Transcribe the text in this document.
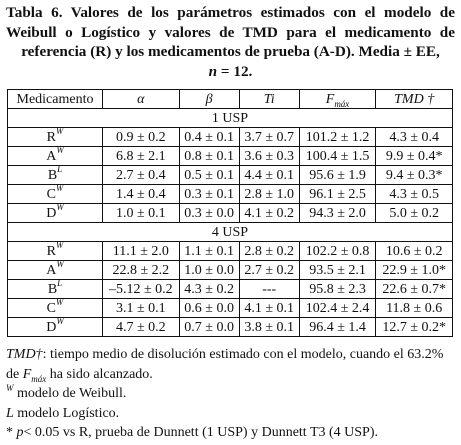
Tabla 6. Valores de los parámetros estimados con el modelo de Weibull o Logístico y valores de TMD para el medicamento de referencia (R) y los medicamentos de prueba (A-D). Media ± EE,
n = 12.
Medicamento	α	β	Ti	$F_{máx}$	TMD †
1 USP					
$R^W$	0.9 ± 0.2	0.4 ± 0.1	3.7 ± 0.7	101.2 ± 1.2	4.3 ± 0.4
$A^W$	6.8 ± 2.1	0.8 ± 0.1	3.6 ± 0.3	100.4 ± 1.5	9.9 ± 0.4*
$B^L$	2.7 ± 0.4	0.5 ± 0.1	4.4 ± 0.1	95.6 ± 1.9	9.4 ± 0.3*
$C^W$	1.4 ± 0.4	0.3 ± 0.1	2.8 ± 1.0	96.1 ± 2.5	4.3 ± 0.5
$D^W$	1.0 ± 0.1	0.3 ± 0.0	4.1 ± 0.2	94.3 ± 2.0	5.0 ± 0.2
4 USP					
$R^W$	11.1 ± 2.0	1.1 ± 0.1	2.8 ± 0.2	102.2 ± 0.8	10.6 ± 0.2
$A^W$	22.8 ± 2.2	1.0 ± 0.0	2.7 ± 0.2	93.5 ± 2.1	22.9 ± 1.0*
$B^L$	–5.12 ± 0.2	4.3 ± 0.2	---	95.8 ± 2.3	22.6 ± 0.7*
$C^W$	3.1 ± 0.1	0.6 ± 0.0	4.1 ± 0.1	102.4 ± 2.4	11.8 ± 0.6
$D^W$	4.7 ± 0.2	0.7 ± 0.0	3.8 ± 0.1	96.4 ± 1.4	12.7 ± 0.2*
TMD†: tiempo medio de disolución estimado con el modelo, cuando el 63.2% de $F_{máx}$ ha sido alcanzado.
$^W$ modelo de Weibull.
L modelo Logístico.
* p< 0.05 vs R, prueba de Dunnett (1 USP) y Dunnett T3 (4 USP).
